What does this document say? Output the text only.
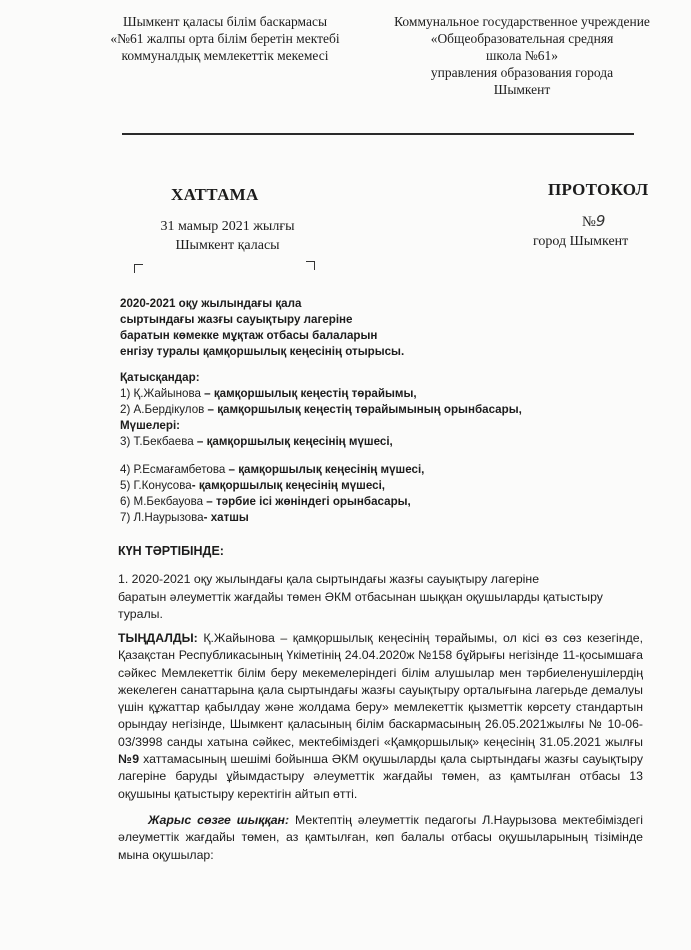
Шымкент қаласы білім баскармасы
«№61 жалпы орта білім беретін мектебі
коммуналдық мемлекеттік мекемесі
Коммунальное государственное учреждение
«Общеобразовательная средняя
школа №61»
управления образования города
Шымкент
ХАТТАМА	ПРОТОКОЛ
31 мамыр 2021 жылғы
Шымкент қаласы
№9
город Шымкент
2020-2021 оқу жылындағы қала
сыртындағы жазғы сауықтыру лагеріне
баратын көмекке мұқтаж отбасы балаларын
енгізу туралы қамқоршылық кеңесінің отырысы.
Қатысқандар:
1) Қ.Жайынова – қамқоршылық кеңестің төрайымы,
2) А.Бердікулов – қамқоршылық кеңестің төрайымының орынбасары,
Мүшелері:
3) Т.Бекбаева – қамқоршылық кеңесінің мүшесі,
4) Р.Есмағамбетова – қамқоршылық кеңесінің мүшесі,
5) Г.Конусова- қамқоршылық кеңесінің мүшесі,
6) М.Бекбауова – тәрбие ісі жөніндегі орынбасары,
7) Л.Наурызова- хатшы
КҮН ТӘРТІБІНДЕ:
1. 2020-2021 оқу жылындағы қала сыртындағы жазғы сауықтыру лагеріне
баратын әлеуметтік жағдайы төмен ӘКМ отбасынан шыққан оқушыларды қатыстыру
туралы.
ТЫҢДАЛДЫ: Қ.Жайынова – қамқоршылық кеңесінің төрайымы, ол кісі өз сөз кезегінде, Қазақстан Республикасының Үкіметінің 24.04.2020ж №158 бұйрығы негізінде 11-қосымшаға сәйкес Мемлекеттік білім беру мекемелеріндегі білім алушылар мен тәрбиеленушілердің жекелеген санаттарына қала сыртындағы жазғы сауықтыру орталығына лагерьде демалуы үшін құжаттар қабылдау және жолдама беру» мемлекеттік қызметтік көрсету стандартын орындау негізінде, Шымкент қаласының білім баскармасының 26.05.2021жылғы № 10-06-03/3998 санды хатына сәйкес, мектебіміздегі «Қамқоршылық» кеңесінің 31.05.2021 жылғы №9 хаттамасының шешімі бойынша ӘКМ оқушыларды қала сыртындағы жазғы сауықтыру лагеріне баруды ұйымдастыру әлеуметтік жағдайы төмен, аз қамтылған отбасы 13 оқушыны қатыстыру керектігін айтып өтті.
Жарыс сөзге шыққан: Мектептің әлеуметтік педагогы Л.Наурызова мектебіміздегі әлеуметтік жағдайы төмен, аз қамтылған, көп балалы отбасы оқушыларының тізімінде мына оқушылар:
